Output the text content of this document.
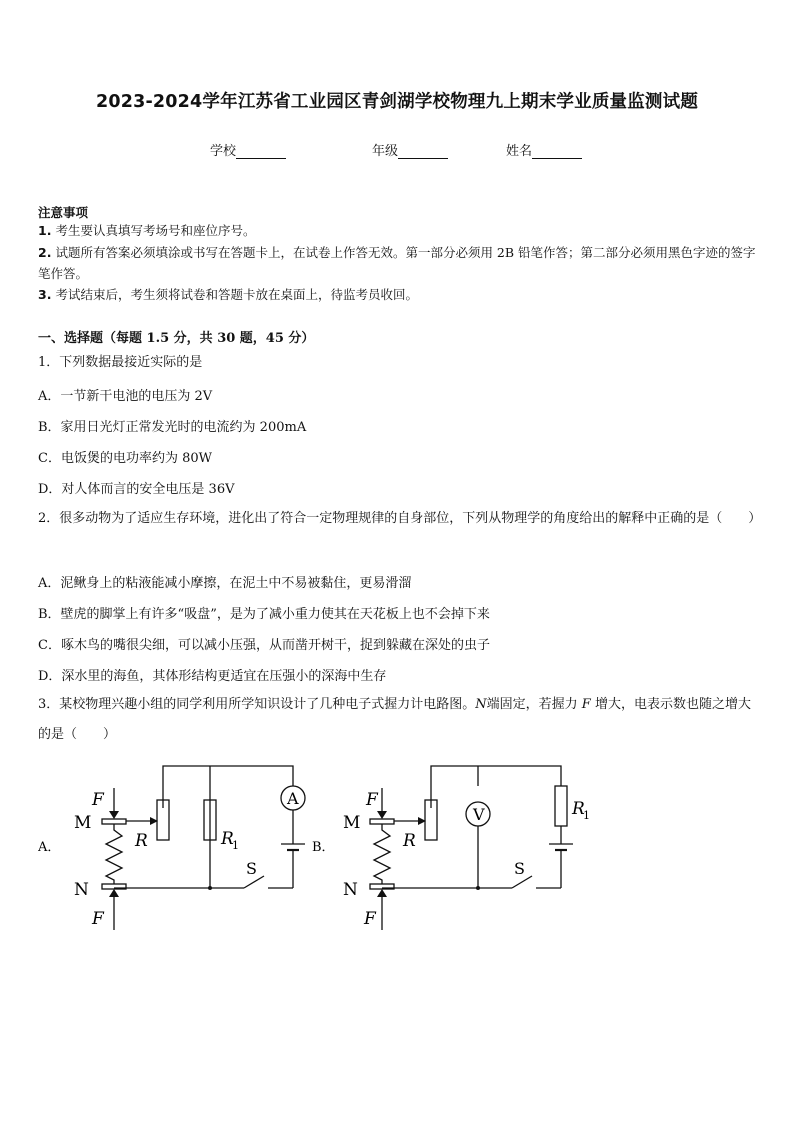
2023-2024学年江苏省工业园区青剑湖学校物理九上期末学业质量监测试题
学校	年级	姓名
注意事项
1. 考生要认真填写考场号和座位序号。
2. 试题所有答案必须填涂或书写在答题卡上，在试卷上作答无效。第一部分必须用 2B 铅笔作答；第二部分必须用黑色字迹的签字笔作答。
3. 考试结束后，考生须将试卷和答题卡放在桌面上，待监考员收回。
一、选择题（每题 1.5 分，共 30 题，45 分）
1．下列数据最接近实际的是
A．一节新干电池的电压为 2V
B．家用日光灯正常发光时的电流约为 200mA
C．电饭煲的电功率约为 80W
D．对人体而言的安全电压是 36V
2．很多动物为了适应生存环境，进化出了符合一定物理规律的自身部位，下列从物理学的角度给出的解释中正确的是（　　）
A．泥鳅身上的粘液能减小摩擦，在泥土中不易被黏住，更易滑溜
B．壁虎的脚掌上有许多“吸盘”，是为了减小重力使其在天花板上也不会掉下来
C．啄木鸟的嘴很尖细，可以减小压强，从而凿开树干，捉到躲藏在深处的虫子
D．深水里的海鱼，其体形结构更适宜在压强小的深海中生存
3．某校物理兴趣小组的同学利用所学知识设计了几种电子式握力计电路图。N端固定，若握力 F 增大，电表示数也随之增大的是（　　）
A．
F
M
R	R
1
A
S
N
F
B．
F
M
R
R
1
V
S
N
F
